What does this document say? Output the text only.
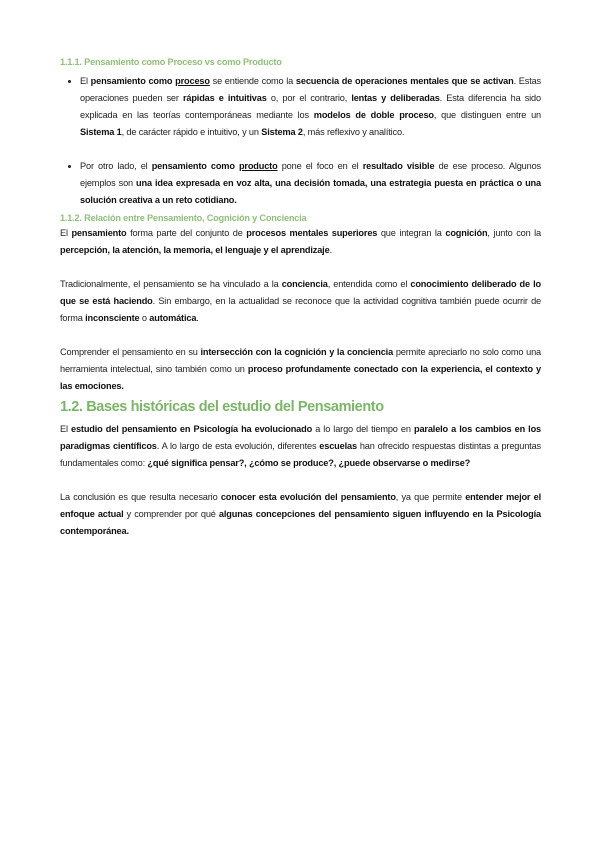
1.1.1. Pensamiento como Proceso vs como Producto
• El pensamiento como proceso se entiende como la secuencia de operaciones mentales que se activan. Estas operaciones pueden ser rápidas e intuitivas o, por el contrario, lentas y deliberadas. Esta diferencia ha sido explicada en las teorías contemporáneas mediante los modelos de doble proceso, que distinguen entre un Sistema 1, de carácter rápido e intuitivo, y un Sistema 2, más reflexivo y analítico.
• Por otro lado, el pensamiento como producto pone el foco en el resultado visible de ese proceso. Algunos ejemplos son una idea expresada en voz alta, una decisión tomada, una estrategia puesta en práctica o una solución creativa a un reto cotidiano.
1.1.2. Relación entre Pensamiento, Cognición y Conciencia

El pensamiento forma parte del conjunto de procesos mentales superiores que integran la cognición, junto con la percepción, la atención, la memoria, el lenguaje y el aprendizaje.

Tradicionalmente, el pensamiento se ha vinculado a la conciencia, entendida como el conocimiento deliberado de lo que se está haciendo. Sin embargo, en la actualidad se reconoce que la actividad cognitiva también puede ocurrir de forma inconsciente o automática.

Comprender el pensamiento en su intersección con la cognición y la conciencia permite apreciarlo no solo como una herramienta intelectual, sino también como un proceso profundamente conectado con la experiencia, el contexto y las emociones.

1.2. Bases históricas del estudio del Pensamiento

El estudio del pensamiento en Psicología ha evolucionado a lo largo del tiempo en paralelo a los cambios en los paradigmas científicos. A lo largo de esta evolución, diferentes escuelas han ofrecido respuestas distintas a preguntas fundamentales como: ¿qué significa pensar?, ¿cómo se produce?, ¿puede observarse o medirse?

La conclusión es que resulta necesario conocer esta evolución del pensamiento, ya que permite entender mejor el enfoque actual y comprender por qué algunas concepciones del pensamiento siguen influyendo en la Psicología contemporánea.
